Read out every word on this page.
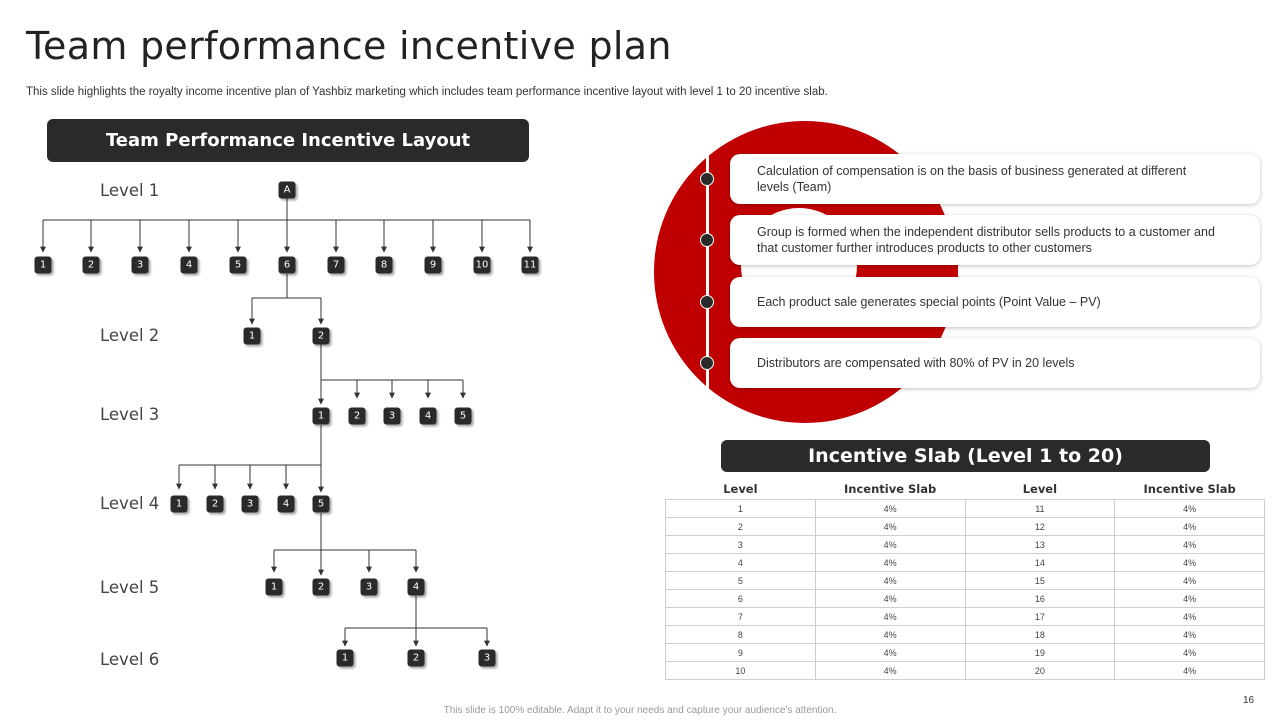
Team performance incentive plan
This slide highlights the royalty income incentive plan of Yashbiz marketing which includes team performance incentive layout with level 1 to 20 incentive slab.
Team Performance Incentive Layout
Level 1
Level 2
Level 3
Level 4
Level 5
Level 6
A
1	2	3	4	5	6	7	8	9	10	11
1	2
1	2	3	4	5
1	2	3	4	5
1	2	3	4
1	2	3
Calculation of compensation is on the basis of business generated at different levels (Team)
Group is formed when the independent distributor sells products to a customer and that customer further introduces products to other customers
Each product sale generates special points (Point Value – PV)
Distributors are compensated with 80% of PV in 20 levels
Incentive Slab (Level 1 to 20)
Level	Incentive Slab	Level	Incentive Slab
1	4%	11	4%
2	4%	12	4%
3	4%	13	4%
4	4%	14	4%
5	4%	15	4%
6	4%	16	4%
7	4%	17	4%
8	4%	18	4%
9	4%	19	4%
10	4%	20	4%
This slide is 100% editable. Adapt it to your needs and capture your audience's attention.
16
